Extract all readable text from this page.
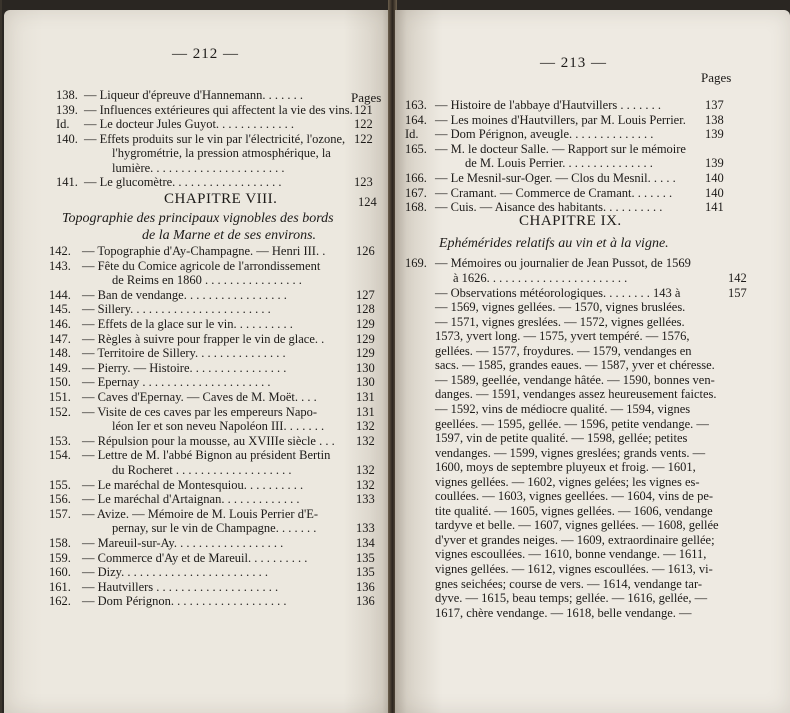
— 212 —
Pages
138. — Liqueur d'épreuve d'Hannemann. . . . . . .
139. — Influences extérieures qui affectent la vie des vins. 121
Id. — Le docteur Jules Guyot. . . . . . . . . . . . .	122
140. — Effets produits sur le vin par l'électricité, l'ozone, 122
l'hygrométrie, la pression atmosphérique, la
lumière. . . . . . . . . . . . . . . . . . . . . .
141. — Le glucomètre. . . . . . . . . . . . . . . . . .	123
CHAPITRE VIII.	124
Topographie des principaux vignobles des bords
de la Marne et de ses environs.
142. — Topographie d'Ay-Champagne. — Henri III. . 126
143. — Fête du Comice agricole de l'arrondissement
de Reims en 1860 . . . . . . . . . . . . . . . .
144. — Ban de vendange. . . . . . . . . . . . . . . . .	127
145. — Sillery. . . . . . . . . . . . . . . . . . . . . . .	128
146. — Effets de la glace sur le vin. . . . . . . . . .	129
147. — Règles à suivre pour frapper le vin de glace. .	129
148. — Territoire de Sillery. . . . . . . . . . . . . . .	129
149. — Pierry. — Histoire. . . . . . . . . . . . . . . .	130
150. — Epernay . . . . . . . . . . . . . . . . . . . . .	130
151. — Caves d'Epernay. — Caves de M. Moët. . . .	131
152. — Visite de ces caves par les empereurs Napo-	131
léon Ier et son neveu Napoléon III. . . . . . .	132
153. — Répulsion pour la mousse, au XVIIIe siècle . . . 132
154. — Lettre de M. l'abbé Bignon au président Bertin
du Rocheret . . . . . . . . . . . . . . . . . . .	132
155. — Le maréchal de Montesquiou. . . . . . . . . .	132
156. — Le maréchal d'Artaignan. . . . . . . . . . . . .	133
157. — Avize. — Mémoire de M. Louis Perrier d'E-
pernay, sur le vin de Champagne. . . . . . .	133
158. — Mareuil-sur-Ay. . . . . . . . . . . . . . . . . .	134
159. — Commerce d'Ay et de Mareuil. . . . . . . . . .	135
160. — Dizy. . . . . . . . . . . . . . . . . . . . . . . .	135
161. — Hautvillers . . . . . . . . . . . . . . . . . . . .	136
162. — Dom Pérignon. . . . . . . . . . . . . . . . . . .	136
— 213 —
Pages
163. — Histoire de l'abbaye d'Hautvillers . . . . . . .	137
164. — Les moines d'Hautvillers, par M. Louis Perrier. 138
Id. — Dom Pérignon, aveugle. . . . . . . . . . . . . .	139
165. — M. le docteur Salle. — Rapport sur le mémoire
de M. Louis Perrier. . . . . . . . . . . . . . .	139
166. — Le Mesnil-sur-Oger. — Clos du Mesnil. . . . . 140
167. — Cramant. — Commerce de Cramant. . . . . . .	140
168. — Cuis. — Aisance des habitants. . . . . . . . . .	141
CHAPITRE IX.
Ephémérides relatifs au vin et à la vigne.
169. — Mémoires ou journalier de Jean Pussot, de 1569
à 1626. . . . . . . . . . . . . . . . . . . . . . .	142
— Observations météorologiques. . . . . . . . 143 à	157
— 1569, vignes gellées. — 1570, vignes bruslées.
— 1571, vignes greslées. — 1572, vignes gellées.
1573, yvert long. — 1575, yvert tempéré. — 1576,
gellées. — 1577, froydures. — 1579, vendanges en
sacs. — 1585, grandes eaues. — 1587, yver et chéresse.
— 1589, geellée, vendange hâtée. — 1590, bonnes ven-
danges. — 1591, vendanges assez heureusement faictes.
— 1592, vins de médiocre qualité. — 1594, vignes
geellées. — 1595, gellée. — 1596, petite vendange. —
1597, vin de petite qualité. — 1598, gellée; petites
vendanges. — 1599, vignes greslées; grands vents. —
1600, moys de septembre pluyeux et froig. — 1601,
vignes gellées. — 1602, vignes gelées; les vignes es-
coullées. — 1603, vignes geellées. — 1604, vins de pe-
tite qualité. — 1605, vignes gellées. — 1606, vendange
tardyve et belle. — 1607, vignes gellées. — 1608, gellée
d'yver et grandes neiges. — 1609, extraordinaire gellée;
vignes escoullées. — 1610, bonne vendange. — 1611,
vignes gellées. — 1612, vignes escoullées. — 1613, vi-
gnes seichées; course de vers. — 1614, vendange tar-
dyve. — 1615, beau temps; gellée. — 1616, gellée, —
1617, chère vendange. — 1618, belle vendange. —
